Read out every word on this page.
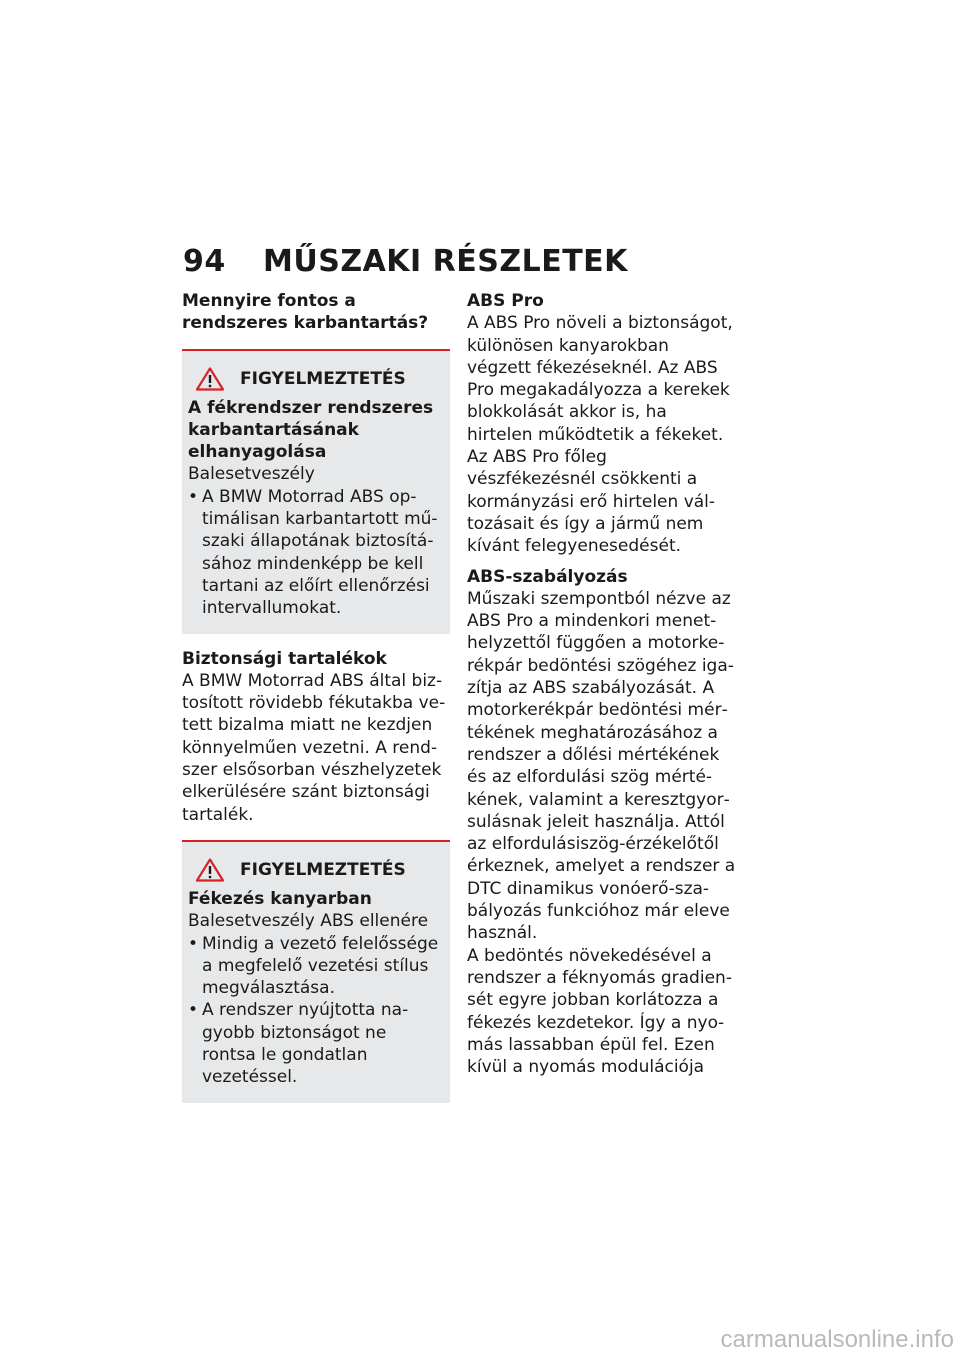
94 MŰSZAKI RÉSZLETEK

Mennyire fontos a rendszeres karbantartás?

FIGYELMEZTETÉS

A fékrendszer rendszeres karbantartásának elhanyagolása

Balesetveszély

• A BMW Motorrad ABS optimálisan karbantartott műszaki állapotának biztosításához mindenképp be kell tartani az előírt ellenőrzési intervallumokat.

Biztonsági tartalékok

A BMW Motorrad ABS által biztosított rövidebb fékutakba vetett bizalma miatt ne kezdjen könnyelműen vezetni. A rendszer elsősorban vészhelyzetek elkerülésére szánt biztonsági tartalék.

FIGYELMEZTETÉS

Fékezés kanyarban

Balesetveszély ABS ellenére

• Mindig a vezető felelőssége a megfelelő vezetési stílus megválasztása.
• A rendszer nyújtotta nagyobb biztonságot ne rontsa le gondatlan vezetéssel.

ABS Pro

A ABS Pro növeli a biztonságot, különösen kanyarokban végzett fékezéseknél. Az ABS Pro megakadályozza a kerekek blokkolását akkor is, ha hirtelen működtetik a fékeket. Az ABS Pro főleg vészfékezésnél csökkenti a kormányzási erő hirtelen változásait és így a jármű nem kívánt felegyenesedését.

ABS-szabályozás

Műszaki szempontból nézve az ABS Pro a mindenkori menethelyzettől függően a motorkerékpár bedöntési szögéhez igazítja az ABS szabályozását. A motorkerékpár bedöntési mértékének meghatározásához a rendszer a dőlési mértékének és az elfordulási szög mértékének, valamint a keresztgyorsulásnak jeleit használja. Attól az elfordulásiszög-érzékelőtől érkeznek, amelyet a rendszer a DTC dinamikus vonóerő-szabályozás funkcióhoz már eleve használ.

A bedöntés növekedésével a rendszer a féknyomás gradiensét egyre jobban korlátozza a fékezés kezdetekor. Így a nyomás lassabban épül fel. Ezen kívül a nyomás modulációja

carmanualsonline.info
